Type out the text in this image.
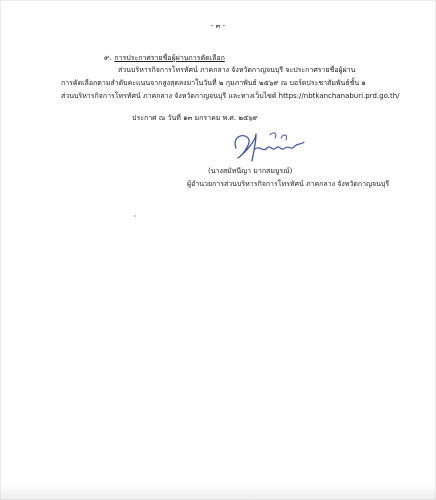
- ๓ -
๙. การประกาศรายชื่อผู้ผ่านการคัดเลือก
ส่วนบริหารกิจการโทรทัศน์ ภาคกลาง จังหวัดกาญจนบุรี จะประกาศรายชื่อผู้ผ่าน
การคัดเลือกตามลำดับคะแนนจากสูงสุดลงมาในวันที่ ๒ กุมภาพันธ์ ๒๕๖๙ ณ บอร์ดประชาสัมพันธ์ชั้น ๑
ส่วนบริหารกิจการโทรทัศน์ ภาคกลาง จังหวัดกาญจนบุรี และทางเว็บไซต์ https://nbtkanchanaburi.prd.go.th/
ประกาศ ณ วันที่ ๑๓ มกราคม พ.ศ. ๒๕๖๙
(นางสมัทนีญา มากสมบูรณ์)
ผู้อำนวยการส่วนบริหารกิจการโทรทัศน์ ภาคกลาง จังหวัดกาญจนบุรี
